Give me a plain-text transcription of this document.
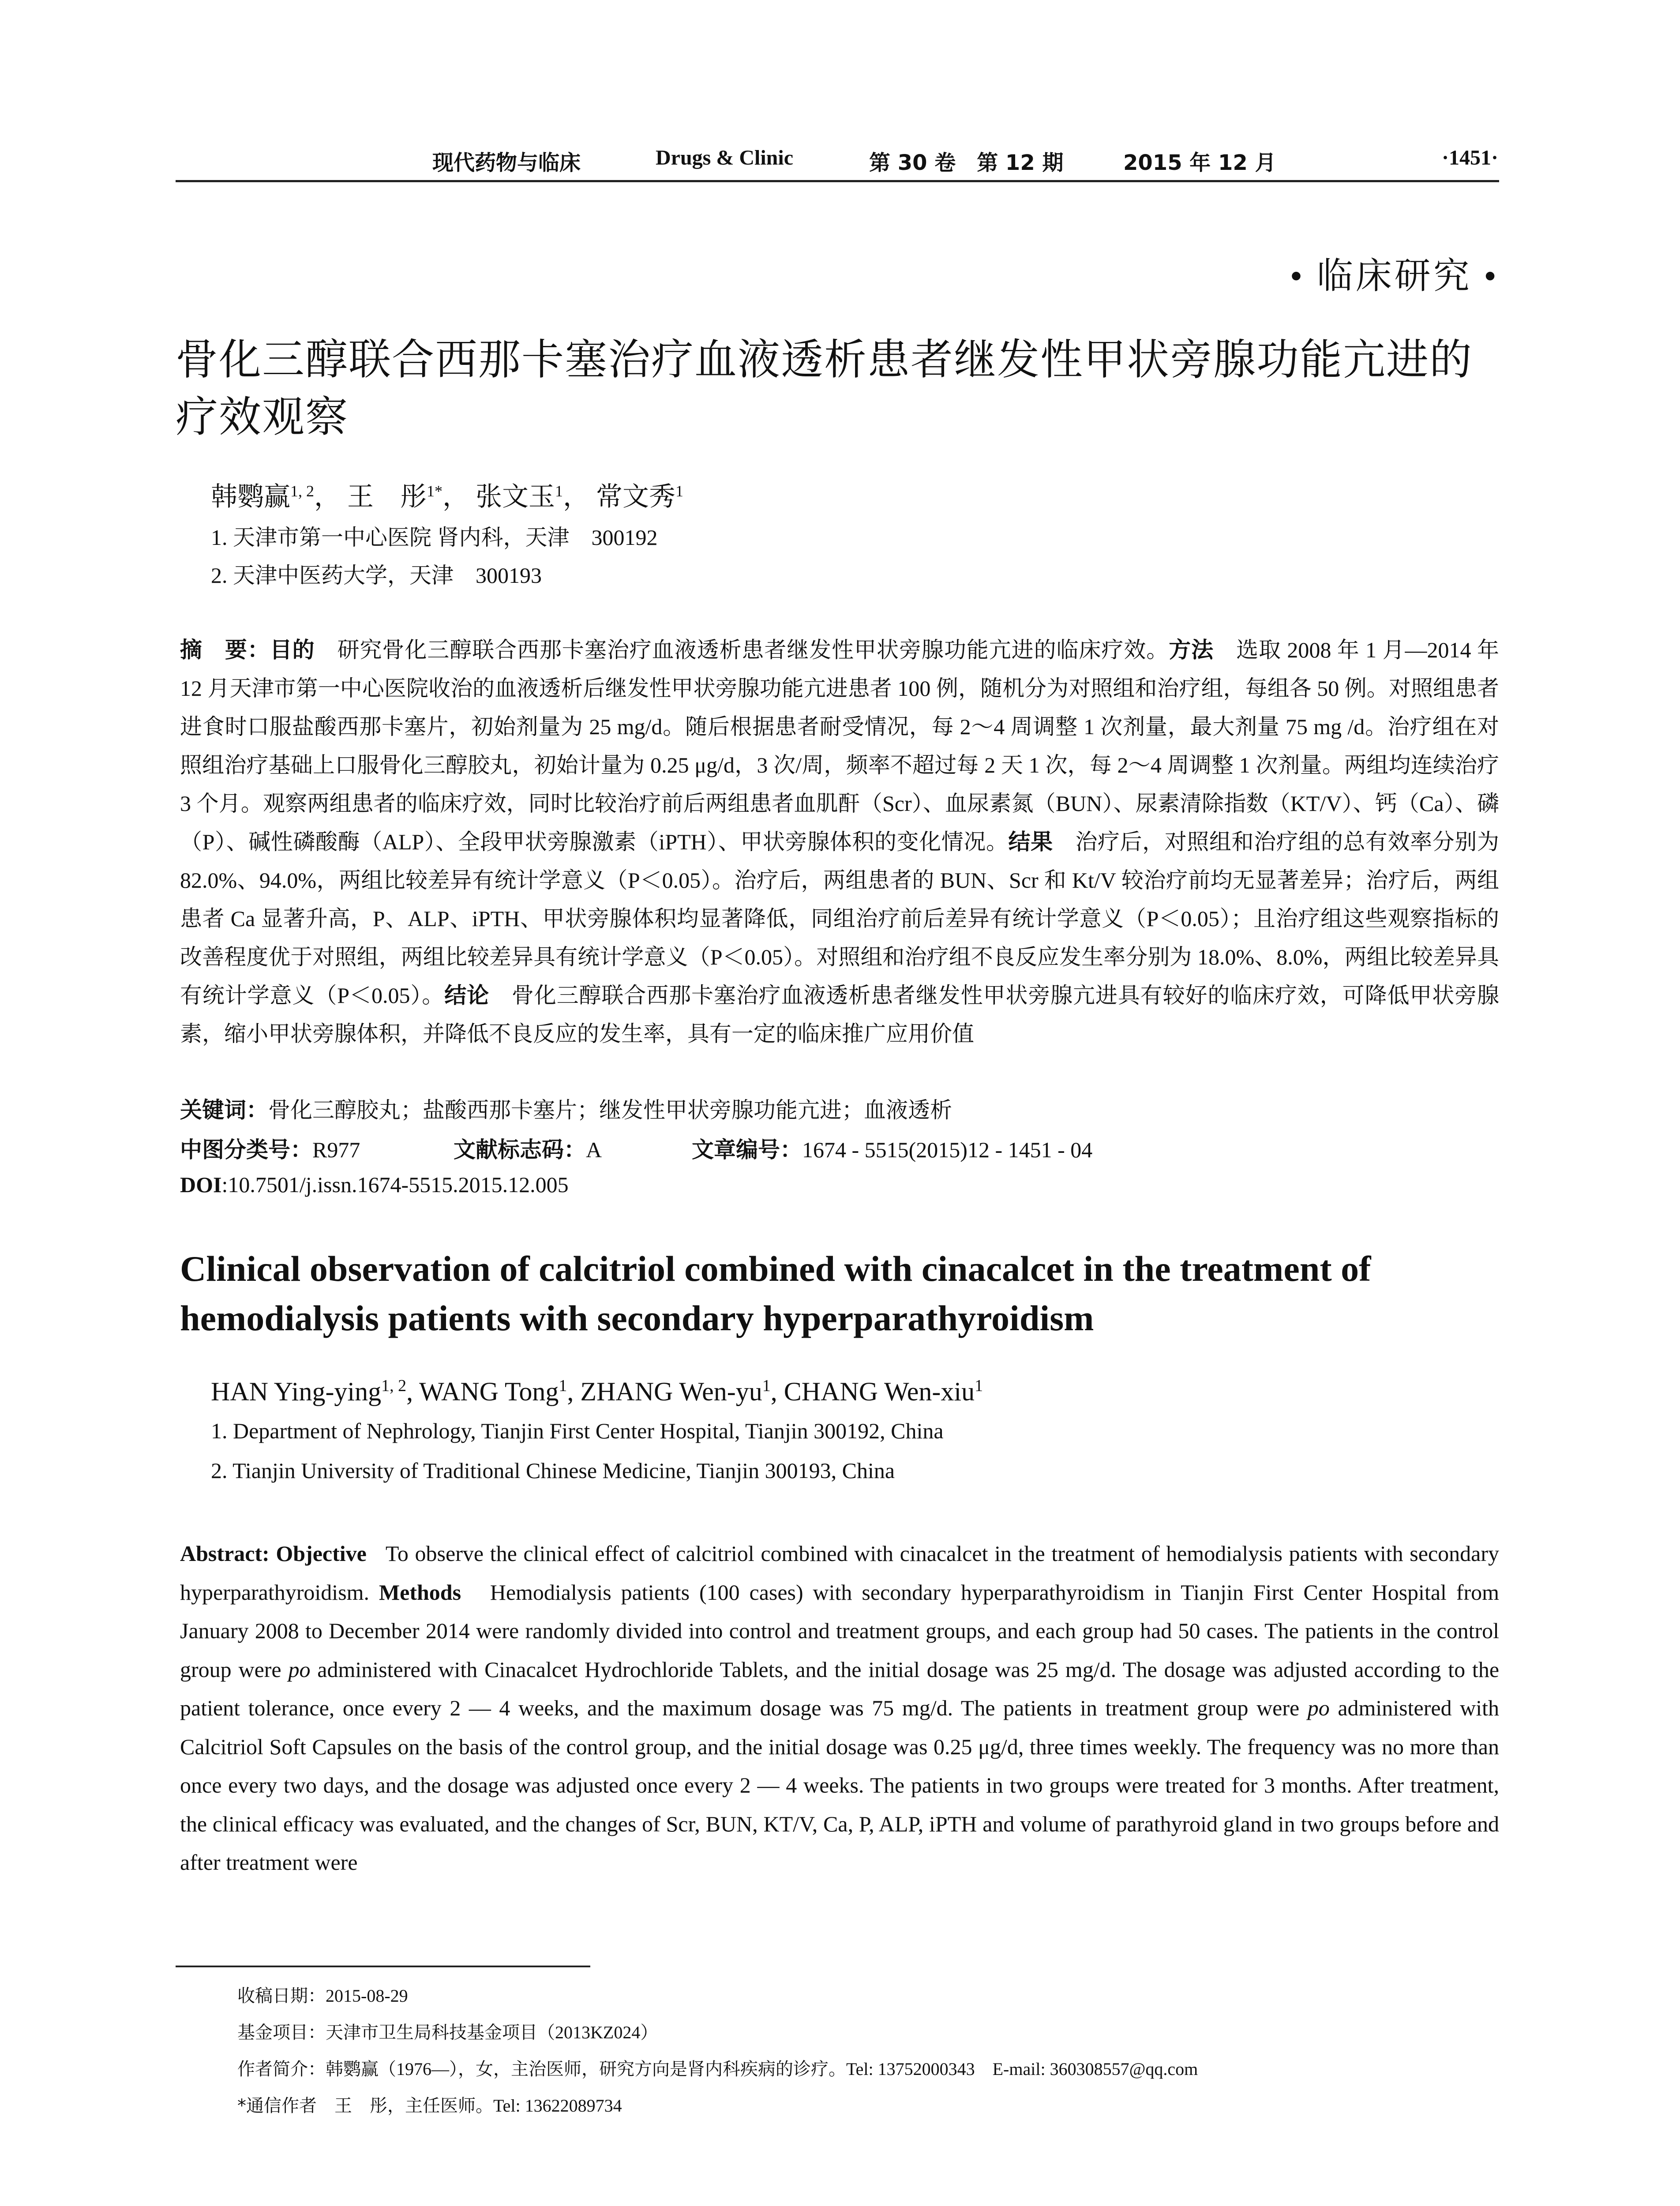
现代药物与临床	Drugs & Clinic	第 30 卷　第 12 期	2015 年 12 月	·1451·
• 临床研究 •
骨化三醇联合西那卡塞治疗血液透析患者继发性甲状旁腺功能亢进的疗效观察
韩鹦赢$^{1, 2}$， 王　彤$^{1*}$， 张文玉$^1$， 常文秀$^1$
1. 天津市第一中心医院 肾内科，天津　300192
2. 天津中医药大学，天津　300193
摘　要：目的　 研究骨化三醇联合西那卡塞治疗血液透析患者继发性甲状旁腺功能亢进的临床疗效。方法　 选取 2008 年 1 月—2014 年 12 月天津市第一中心医院收治的血液透析后继发性甲状旁腺功能亢进患者 100 例，随机分为对照组和治疗组，每组各 50 例。对照组患者进食时口服盐酸西那卡塞片，初始剂量为 25 mg/d。随后根据患者耐受情况，每 2～4 周调整 1 次剂量，最大剂量 75 mg /d。治疗组在对照组治疗基础上口服骨化三醇胶丸，初始计量为 0.25 μg/d，3 次/周，频率不超过每 2 天 1 次，每 2～4 周调整 1 次剂量。两组均连续治疗 3 个月。观察两组患者的临床疗效，同时比较治疗前后两组患者血肌酐（Scr）、血尿素氮（BUN）、尿素清除指数（KT/V）、钙（Ca）、磷（P）、碱性磷酸酶（ALP）、全段甲状旁腺激素（iPTH）、甲状旁腺体积的变化情况。结果　 治疗后，对照组和治疗组的总有效率分别为 82.0%、94.0%，两组比较差异有统计学意义（P＜0.05）。治疗后，两组患者的 BUN、Scr 和 Kt/V 较治疗前均无显著差异；治疗后，两组患者 Ca 显著升高，P、ALP、iPTH、甲状旁腺体积均显著降低，同组治疗前后差异有统计学意义（P＜0.05）；且治疗组这些观察指标的改善程度优于对照组，两组比较差异具有统计学意义（P＜0.05）。对照组和治疗组不良反应发生率分别为 18.0%、8.0%，两组比较差异具有统计学意义（P＜0.05）。结论　 骨化三醇联合西那卡塞治疗血液透析患者继发性甲状旁腺亢进具有较好的临床疗效，可降低甲状旁腺素，缩小甲状旁腺体积，并降低不良反应的发生率，具有一定的临床推广应用价值
关键词：骨化三醇胶丸；盐酸西那卡塞片；继发性甲状旁腺功能亢进；血液透析
中图分类号：R977	文献标志码：A	文章编号：1674 - 5515(2015)12 - 1451 - 04
DOI:10.7501/j.issn.1674-5515.2015.12.005
Clinical observation of calcitriol combined with cinacalcet in the treatment of hemodialysis patients with secondary hyperparathyroidism
HAN Ying-ying$^{1, 2}$, WANG Tong$^1$, ZHANG Wen-$yu^1$, CHANG Wen-xiu$^1$
1. Department of Nephrology, Tianjin First Center Hospital, Tianjin 300192, China
2. Tianjin University of Traditional Chinese Medicine, Tianjin 300193, China
Abstract: Objective To observe the clinical effect of calcitriol combined with cinacalcet in the treatment of hemodialysis patients with secondary hyperparathyroidism. Methods Hemodialysis patients (100 cases) with secondary hyperparathyroidism in Tianjin First Center Hospital from January 2008 to December 2014 were randomly divided into control and treatment groups, and each group had 50 cases. The patients in the control group were po administered with Cinacalcet Hydrochloride Tablets, and the initial dosage was 25 mg/d. The dosage was adjusted according to the patient tolerance, once every 2 — 4 weeks, and the maximum dosage was 75 mg/d. The patients in treatment group were po administered with Calcitriol Soft Capsules on the basis of the control group, and the initial dosage was 0.25 μg/d, three times weekly. The frequency was no more than once every two days, and the dosage was adjusted once every 2 — 4 weeks. The patients in two groups were treated for 3 months. After treatment, the clinical efficacy was evaluated, and the changes of Scr, BUN, KT/V, Ca, P, ALP, iPTH and volume of parathyroid gland in two groups before and after treatment were
收稿日期：2015-08-29
基金项目：天津市卫生局科技基金项目（2013KZ024）
作者简介：韩鹦赢（1976—），女，主治医师，研究方向是肾内科疾病的诊疗。Tel: 13752000343　E-mail: 360308557@qq.com
*通信作者　 王　彤，主任医师。Tel: 13622089734
